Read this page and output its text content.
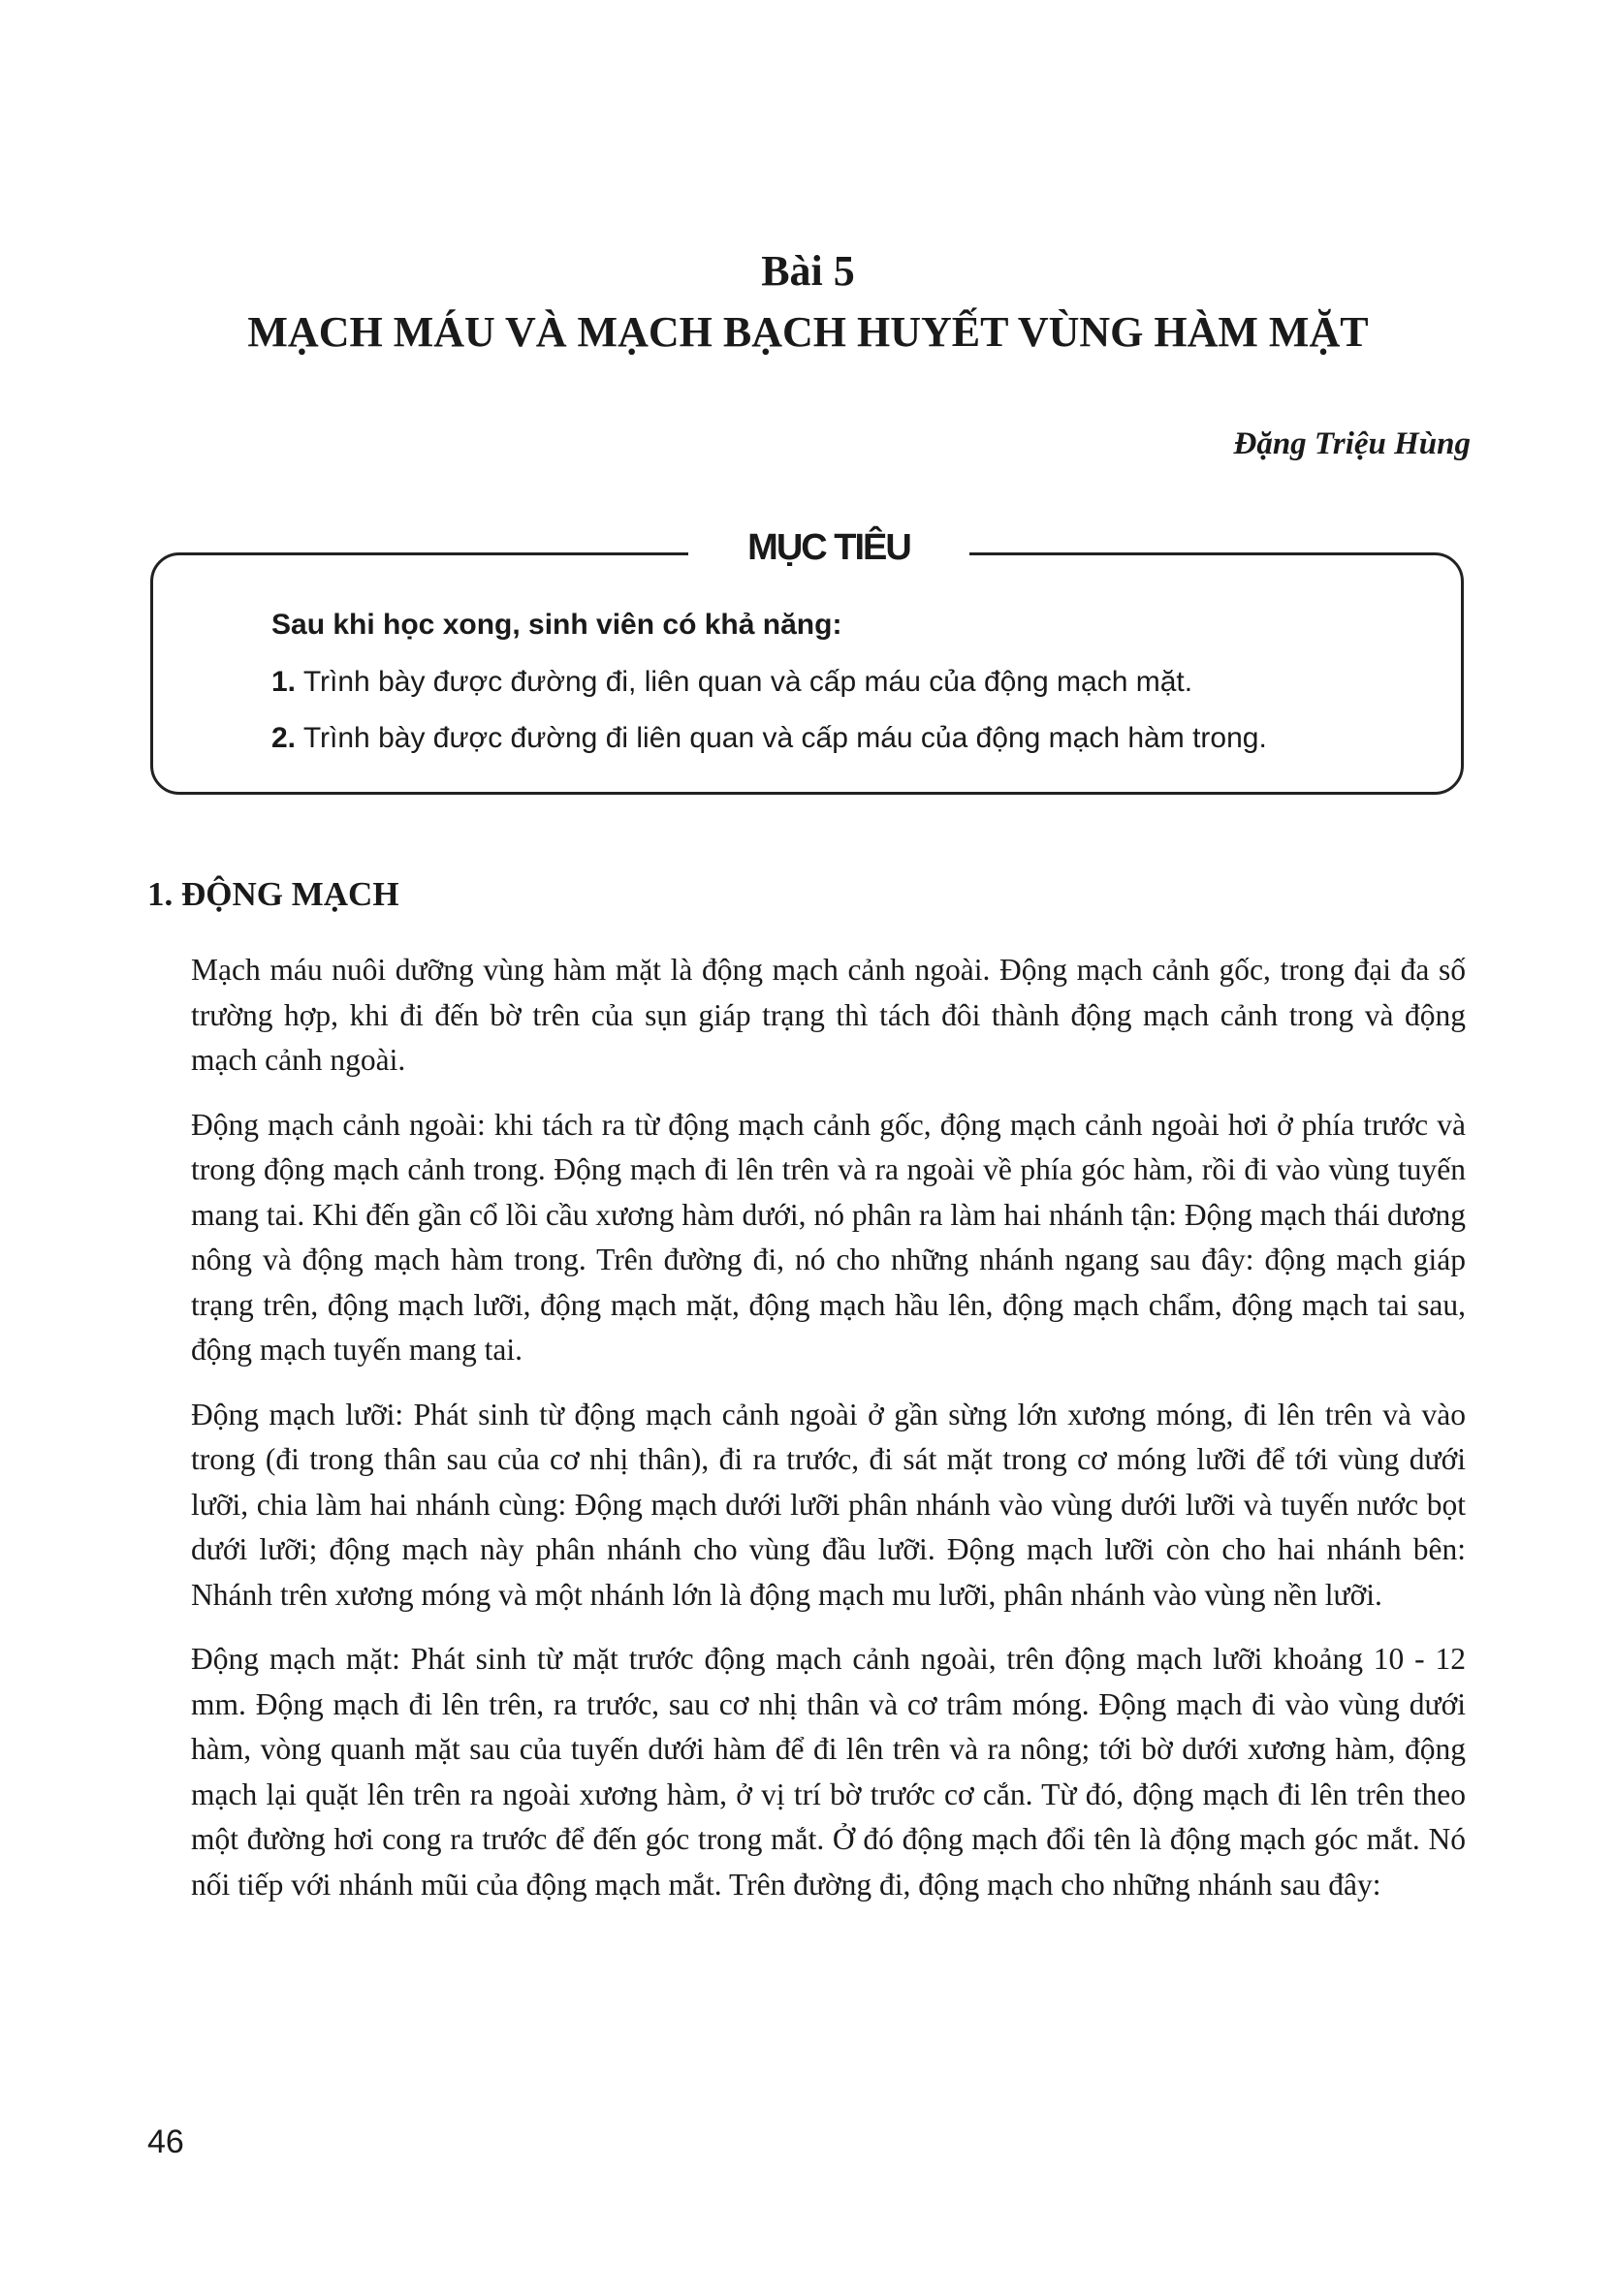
Bài 5
MẠCH MÁU VÀ MẠCH BẠCH HUYẾT VÙNG HÀM MẶT

Đặng Triệu Hùng

MỤC TIÊU

Sau khi học xong, sinh viên có khả năng:

1. Trình bày được đường đi, liên quan và cấp máu của động mạch mặt.

2. Trình bày được đường đi liên quan và cấp máu của động mạch hàm trong.

1. ĐỘNG MẠCH

Mạch máu nuôi dưỡng vùng hàm mặt là động mạch cảnh ngoài. Động mạch cảnh gốc, trong đại đa số trường hợp, khi đi đến bờ trên của sụn giáp trạng thì tách đôi thành động mạch cảnh trong và động mạch cảnh ngoài.

Động mạch cảnh ngoài: khi tách ra từ động mạch cảnh gốc, động mạch cảnh ngoài hơi ở phía trước và trong động mạch cảnh trong. Động mạch đi lên trên và ra ngoài về phía góc hàm, rồi đi vào vùng tuyến mang tai. Khi đến gần cổ lồi cầu xương hàm dưới, nó phân ra làm hai nhánh tận: Động mạch thái dương nông và động mạch hàm trong. Trên đường đi, nó cho những nhánh ngang sau đây: động mạch giáp trạng trên, động mạch lưỡi, động mạch mặt, động mạch hầu lên, động mạch chẩm, động mạch tai sau, động mạch tuyến mang tai.

Động mạch lưỡi: Phát sinh từ động mạch cảnh ngoài ở gần sừng lớn xương móng, đi lên trên và vào trong (đi trong thân sau của cơ nhị thân), đi ra trước, đi sát mặt trong cơ móng lưỡi để tới vùng dưới lưỡi, chia làm hai nhánh cùng: Động mạch dưới lưỡi phân nhánh vào vùng dưới lưỡi và tuyến nước bọt dưới lưỡi; động mạch này phân nhánh cho vùng đầu lưỡi. Động mạch lưỡi còn cho hai nhánh bên: Nhánh trên xương móng và một nhánh lớn là động mạch mu lưỡi, phân nhánh vào vùng nền lưỡi.

Động mạch mặt: Phát sinh từ mặt trước động mạch cảnh ngoài, trên động mạch lưỡi khoảng 10 - 12 mm. Động mạch đi lên trên, ra trước, sau cơ nhị thân và cơ trâm móng. Động mạch đi vào vùng dưới hàm, vòng quanh mặt sau của tuyến dưới hàm để đi lên trên và ra nông; tới bờ dưới xương hàm, động mạch lại quặt lên trên ra ngoài xương hàm, ở vị trí bờ trước cơ cắn. Từ đó, động mạch đi lên trên theo một đường hơi cong ra trước để đến góc trong mắt. Ở đó động mạch đổi tên là động mạch góc mắt. Nó nối tiếp với nhánh mũi của động mạch mắt. Trên đường đi, động mạch cho những nhánh sau đây:

46
